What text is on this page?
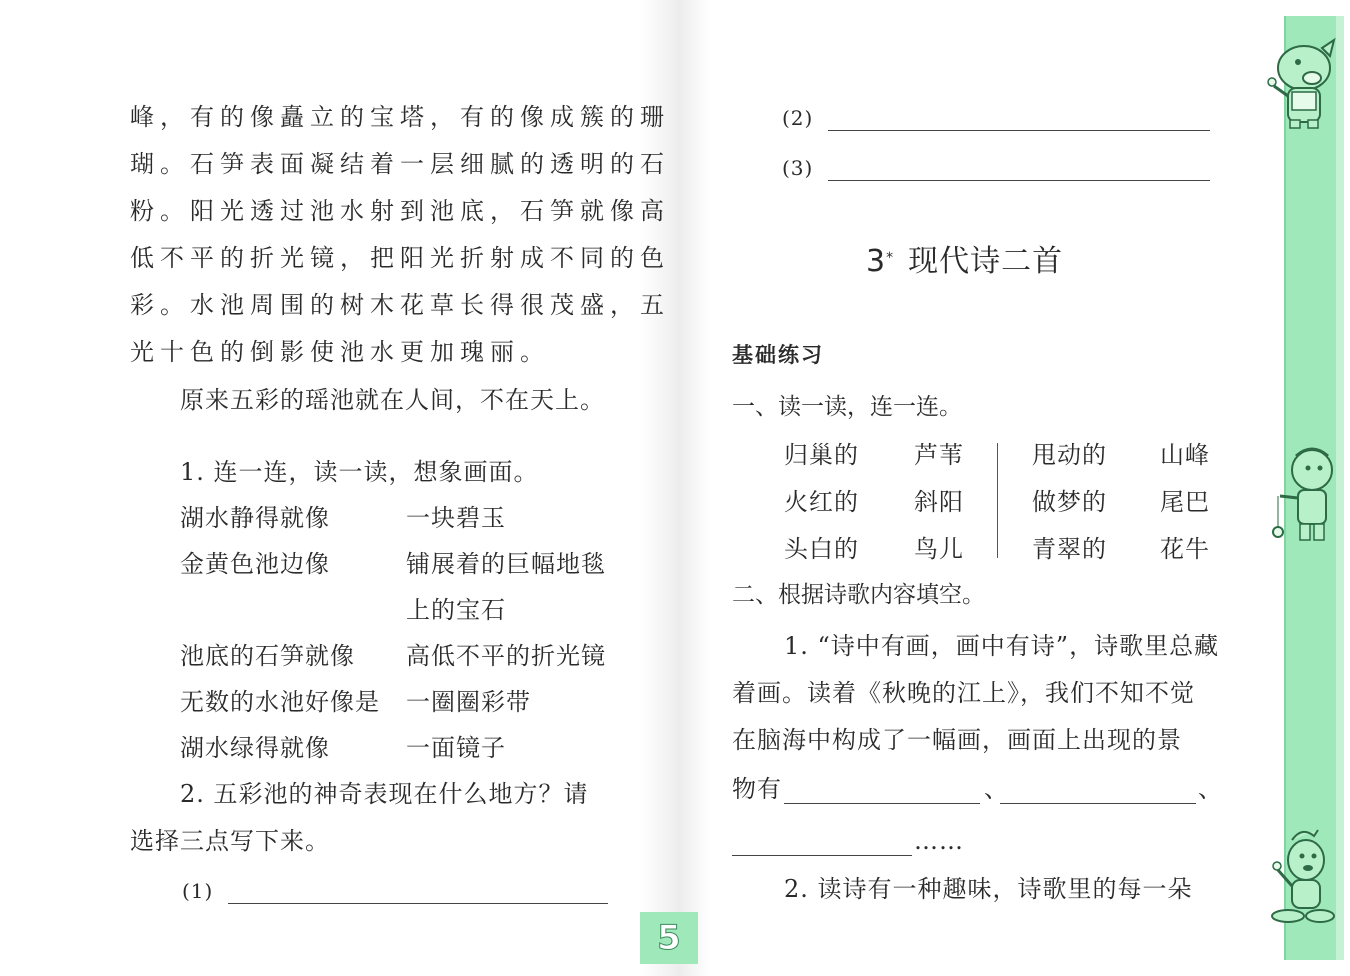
峰，有的像矗立的宝塔，有的像成簇的珊
瑚。石笋表面凝结着一层细腻的透明的石
粉。阳光透过池水射到池底，石笋就像高
低不平的折光镜，把阳光折射成不同的色
彩。水池周围的树木花草长得很茂盛，五
光十色的倒影使池水更加瑰丽。
原来五彩的瑶池就在人间，不在天上。
1. 连一连，读一读，想象画面。
湖水静得就像
金黄色池边像
池底的石笋就像
无数的水池好像是
湖水绿得就像
一块碧玉
铺展着的巨幅地毯
上的宝石
高低不平的折光镜
一圈圈彩带
一面镜子
2. 五彩池的神奇表现在什么地方？请
选择三点写下来。
(1)
(2)
(3)
3* 现代诗二首
基础练习
一、读一读，连一连。
归巢的
火红的
头白的
芦苇
斜阳
鸟儿
甩动的
做梦的
青翠的
山峰
尾巴
花牛
二、根据诗歌内容填空。
1. “诗中有画，画中有诗”，诗歌里总藏
着画。读着《秋晚的江上》，我们不知不觉
在脑海中构成了一幅画，画面上出现的景
物有	、	、
……
2. 读诗有一种趣味，诗歌里的每一朵
5
